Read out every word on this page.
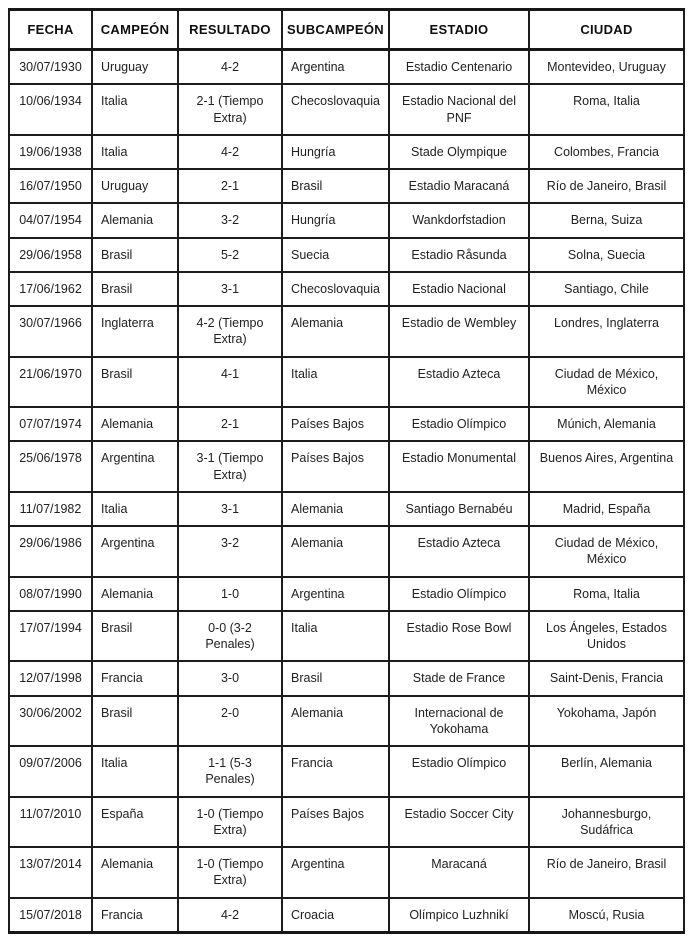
FECHA	CAMPEÓN	RESULTADO	SUBCAMPEÓN	ESTADIO	CIUDAD
30/07/1930	Uruguay	4-2	Argentina	Estadio Centenario	Montevideo, Uruguay
10/06/1934	Italia	2-1 (Tiempo Extra)	Checoslovaquia	Estadio Nacional del PNF	Roma, Italia
19/06/1938	Italia	4-2	Hungría	Stade Olympique	Colombes, Francia
16/07/1950	Uruguay	2-1	Brasil	Estadio Maracaná	Río de Janeiro, Brasil
04/07/1954	Alemania	3-2	Hungría	Wankdorfstadion	Berna, Suiza
29/06/1958	Brasil	5-2	Suecia	Estadio Råsunda	Solna, Suecia
17/06/1962	Brasil	3-1	Checoslovaquia	Estadio Nacional	Santiago, Chile
30/07/1966	Inglaterra	4-2 (Tiempo Extra)	Alemania	Estadio de Wembley	Londres, Inglaterra
21/06/1970	Brasil	4-1	Italia	Estadio Azteca	Ciudad de México, México
07/07/1974	Alemania	2-1	Países Bajos	Estadio Olímpico	Múnich, Alemania
25/06/1978	Argentina	3-1 (Tiempo Extra)	Países Bajos	Estadio Monumental	Buenos Aires, Argentina
11/07/1982	Italia	3-1	Alemania	Santiago Bernabéu	Madrid, España
29/06/1986	Argentina	3-2	Alemania	Estadio Azteca	Ciudad de México, México
08/07/1990	Alemania	1-0	Argentina	Estadio Olímpico	Roma, Italia
17/07/1994	Brasil	0-0 (3-2 Penales)	Italia	Estadio Rose Bowl	Los Ángeles, Estados Unidos
12/07/1998	Francia	3-0	Brasil	Stade de France	Saint-Denis, Francia
30/06/2002	Brasil	2-0	Alemania	Internacional de Yokohama	Yokohama, Japón
09/07/2006	Italia	1-1 (5-3 Penales)	Francia	Estadio Olímpico	Berlín, Alemania
11/07/2010	España	1-0 (Tiempo Extra)	Países Bajos	Estadio Soccer City	Johannesburgo, Sudáfrica
13/07/2014	Alemania	1-0 (Tiempo Extra)	Argentina	Maracaná	Río de Janeiro, Brasil
15/07/2018	Francia	4-2	Croacia	Olímpico Luzhnikí	Moscú, Rusia
